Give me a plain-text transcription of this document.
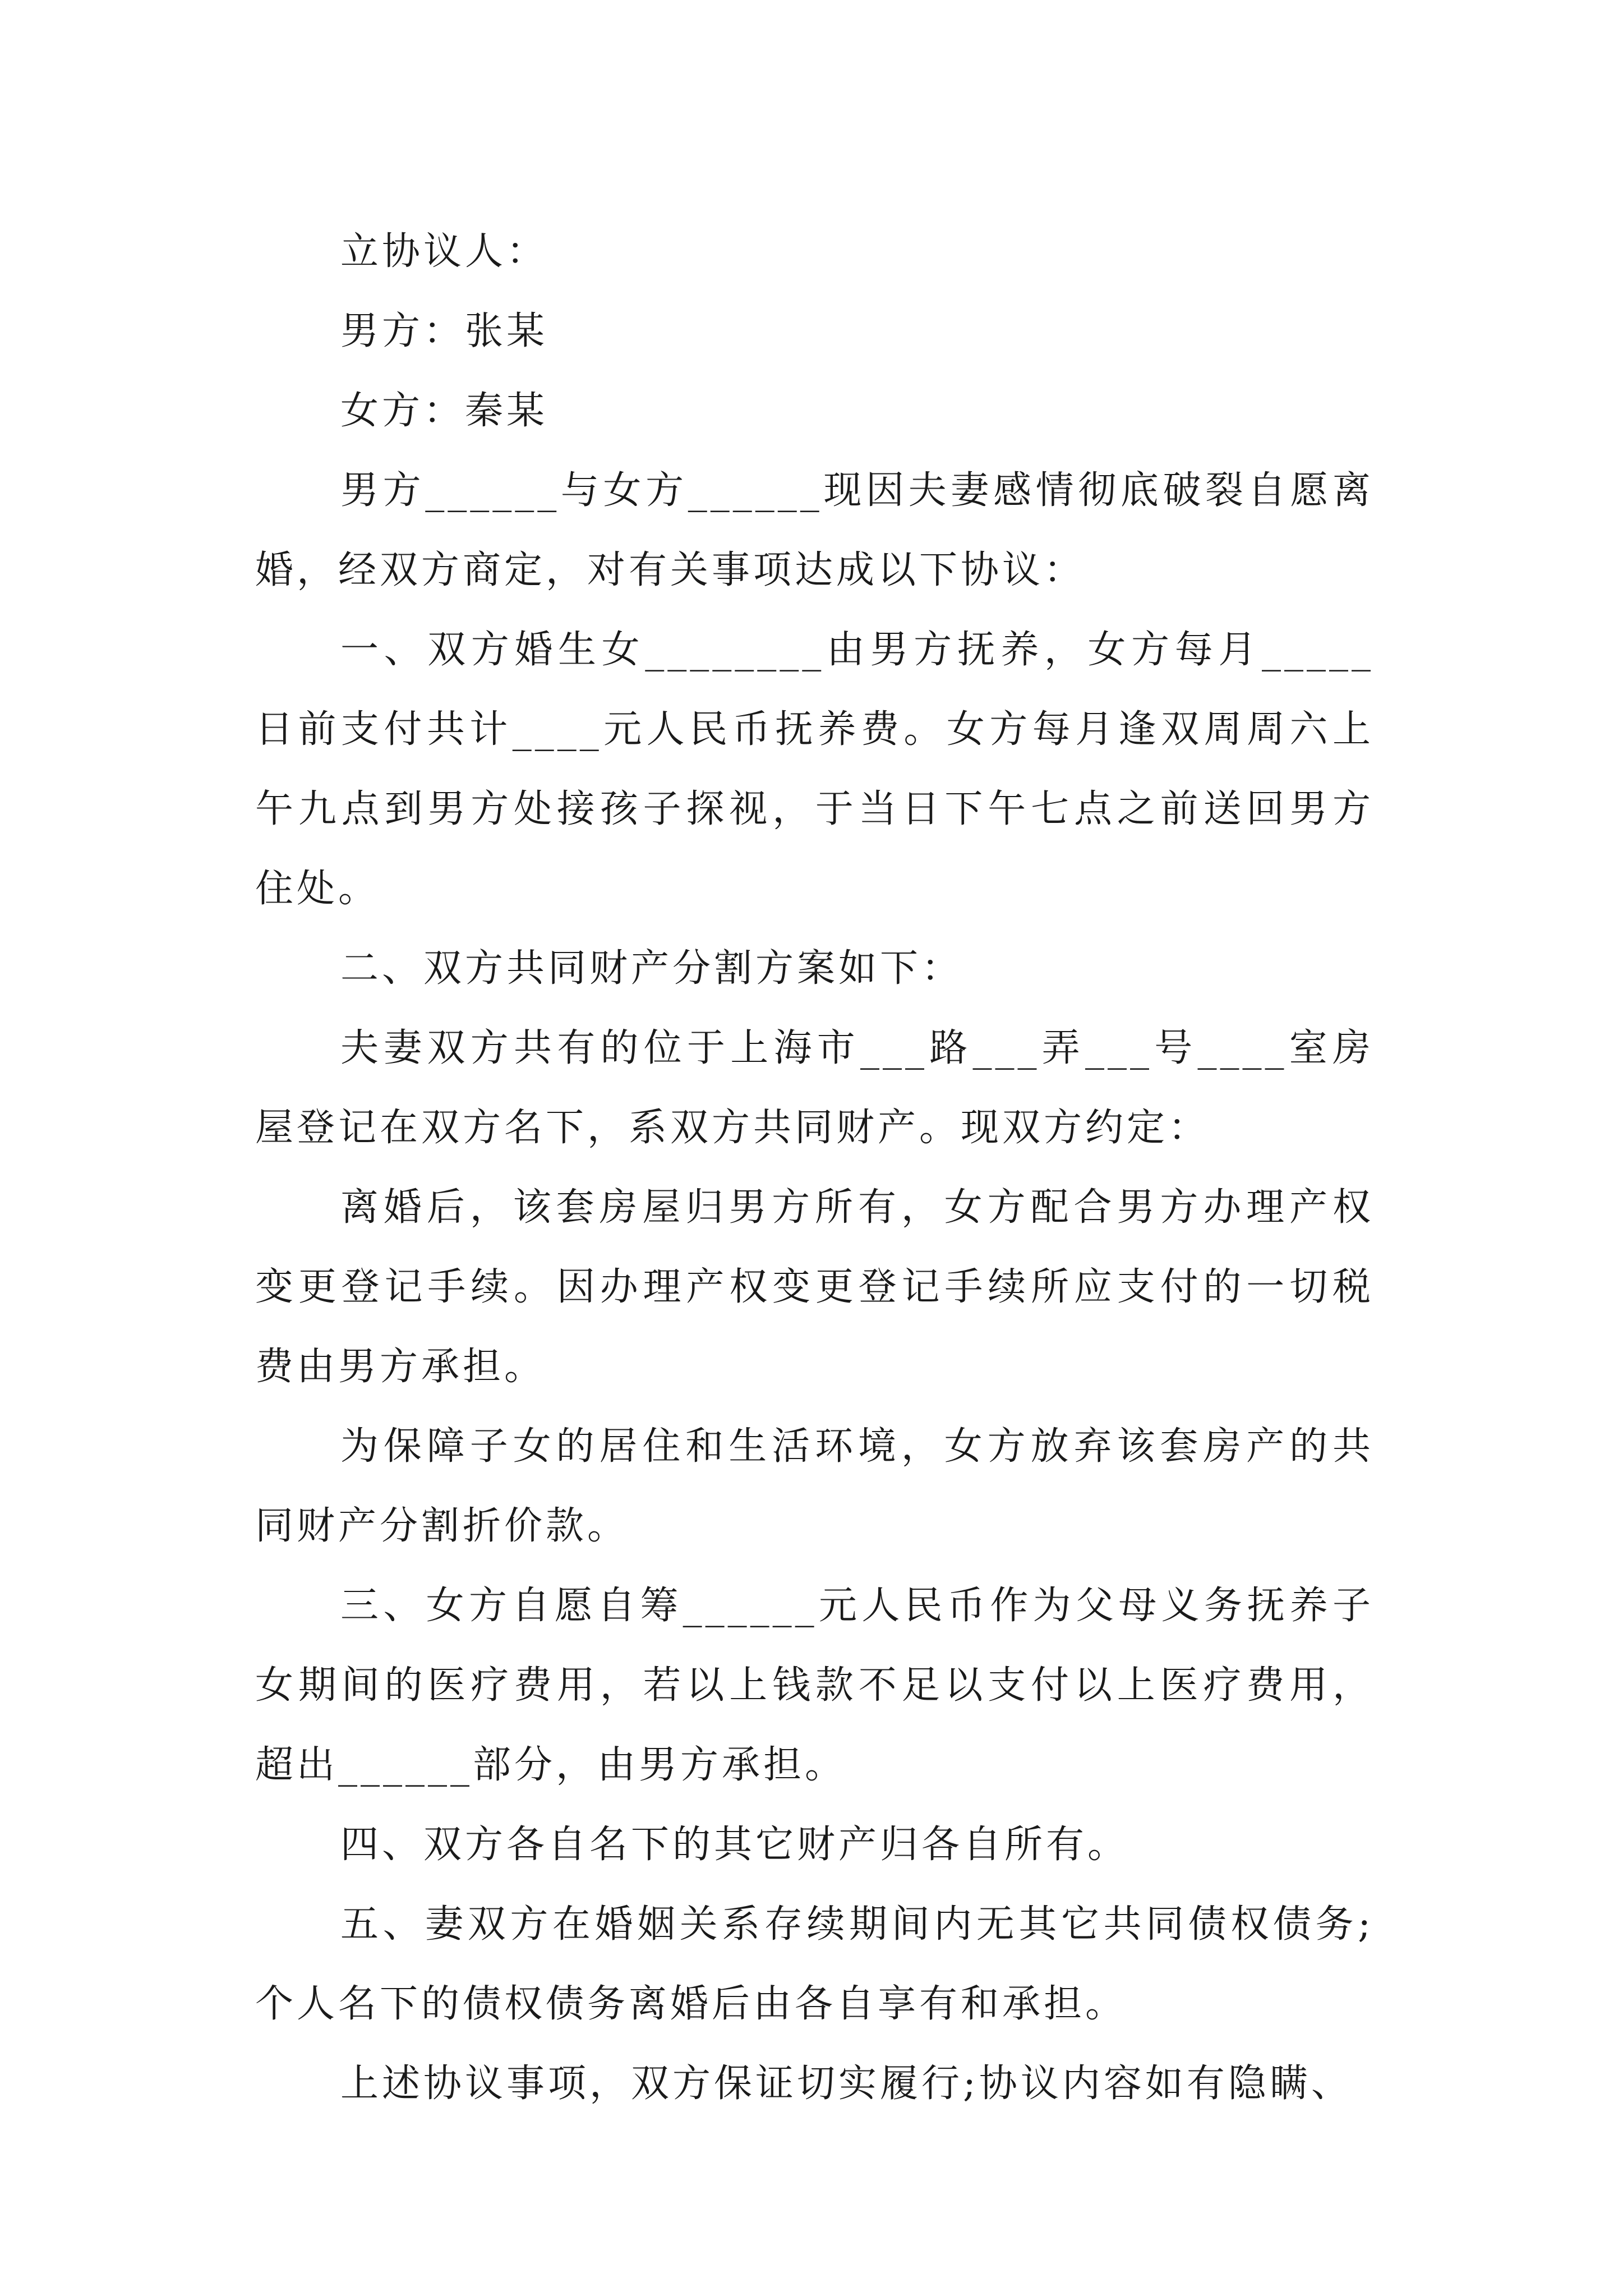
立协议人：

男方：张某

女方：秦某

男方______与女方______现因夫妻感情彻底破裂自愿离婚，经双方商定，对有关事项达成以下协议：

一、双方婚生女________由男方抚养，女方每月_____日前支付共计____元人民币抚养费。女方每月逢双周周六上午九点到男方处接孩子探视，于当日下午七点之前送回男方住处。

二、双方共同财产分割方案如下：

夫妻双方共有的位于上海市___路___弄___号____室房屋登记在双方名下，系双方共同财产。现双方约定：

离婚后，该套房屋归男方所有，女方配合男方办理产权变更登记手续。因办理产权变更登记手续所应支付的一切税费由男方承担。

为保障子女的居住和生活环境，女方放弃该套房产的共同财产分割折价款。

三、女方自愿自筹______元人民币作为父母义务抚养子女期间的医疗费用，若以上钱款不足以支付以上医疗费用，超出______部分，由男方承担。

四、双方各自名下的其它财产归各自所有。

五、妻双方在婚姻关系存续期间内无其它共同债权债务;个人名下的债权债务离婚后由各自享有和承担。

上述协议事项，双方保证切实履行;协议内容如有隐瞒、
